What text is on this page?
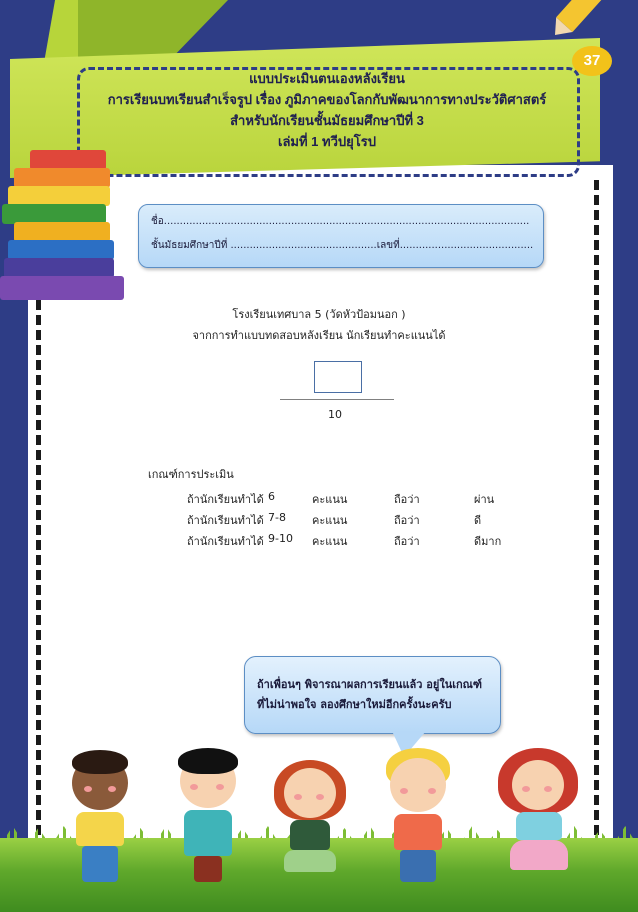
แบบประเมินตนเองหลังเรียน
การเรียนบทเรียนสำเร็จรูป เรื่อง ภูมิภาคของโลกกับพัฒนาการทางประวัติศาสตร์
สำหรับนักเรียนชั้นมัธยมศึกษาปีที่ 3
เล่มที่ 1 ทวีปยุโรป
37
ชื่อ...................................................................................................................
ชั้นมัธยมศึกษาปีที่ ..............................................เลขที่..........................................
โรงเรียนเทศบาล 5 (วัดหัวป้อมนอก )
จากการทำแบบทดสอบหลังเรียน นักเรียนทำคะแนนได้
10
เกณฑ์การประเมิน
ถ้านักเรียนทำได้ 6	คะแนน	ถือว่า	ผ่าน
ถ้านักเรียนทำได้ 7-8 คะแนน	ถือว่า	ดี
ถ้านักเรียนทำได้ 9-10 คะแนน	ถือว่า	ดีมาก
ถ้าเพื่อนๆ พิจารณาผลการเรียนแล้ว อยู่ในเกณฑ์
ที่ไม่น่าพอใจ ลองศึกษาใหม่อีกครั้งนะครับ
